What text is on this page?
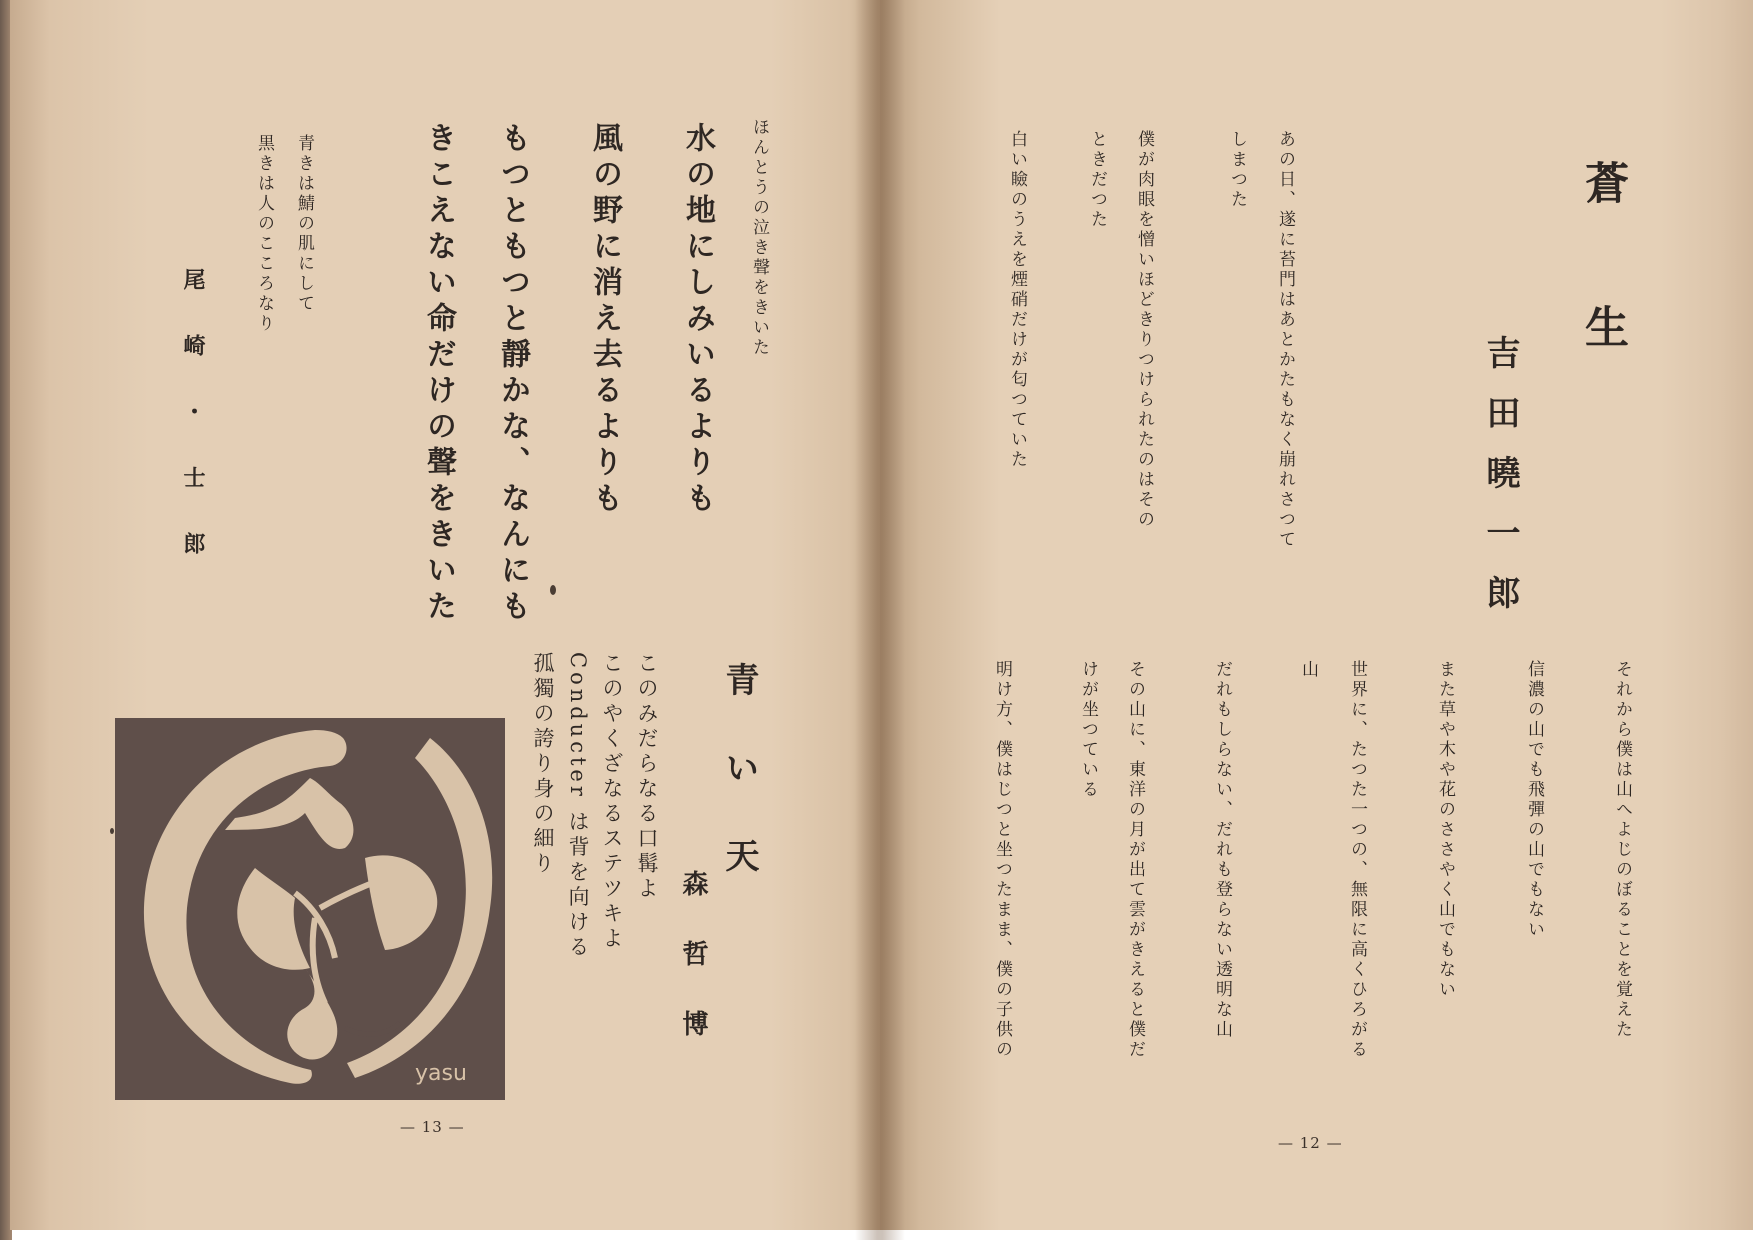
ほんとうの泣き聲をきいた
水の地にしみいるよりも
風の野に消え去るよりも
もつともつと靜かな、なんにも
きこえない命だけの聲をきいた
青きは鯖の肌にして
黒きは人のこころなり
尾崎・士郎
青い天
森哲博
このみだらなる口髯よ
このやくざなるステツキよ
Conducter は背を向ける
孤獨の誇り身の細り
yasu
— 13 —
蒼生
吉田曉一郎
あの日、遂に苔門はあとかたもなく崩れさつて
しまつた
僕が肉眼を憎いほどきりつけられたのはその
ときだつた
白い瞼のうえを煙硝だけが匂つていた
それから僕は山へよじのぼることを覚えた
信濃の山でも飛彈の山でもない
また草や木や花のささやく山でもない
世界に、たつた一つの、無限に高くひろがる
山
だれもしらない、だれも登らない透明な山
その山に、東洋の月が出て雲がきえると僕だ
けが坐つている
明け方、僕はじつと坐つたまま、僕の子供の
— 12 —
